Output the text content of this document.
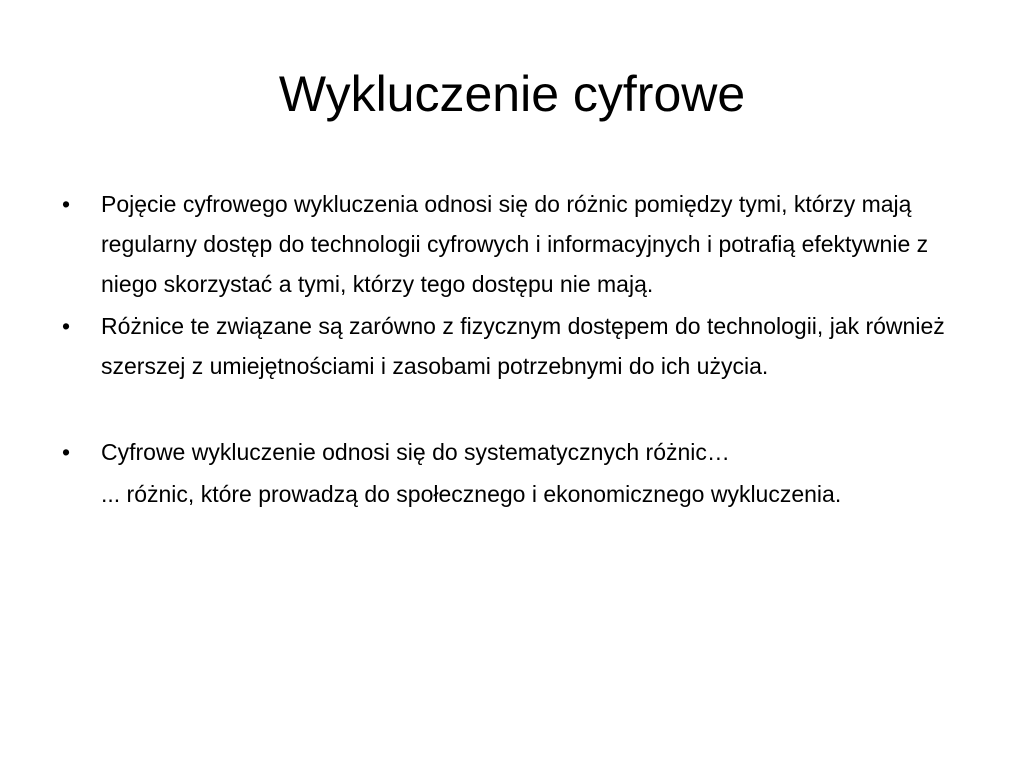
Wykluczenie cyfrowe
•	Pojęcie cyfrowego wykluczenia odnosi się do różnic pomiędzy tymi, którzy mają regularny dostęp do technologii cyfrowych i informacyjnych i potrafią efektywnie z niego skorzystać a tymi, którzy tego dostępu nie mają.
•	Różnice te związane są zarówno z fizycznym dostępem do technologii, jak również szerszej z umiejętnościami i zasobami potrzebnymi do ich użycia.
•	Cyfrowe wykluczenie odnosi się do systematycznych różnic…
... różnic, które prowadzą do społecznego i ekonomicznego wykluczenia.
